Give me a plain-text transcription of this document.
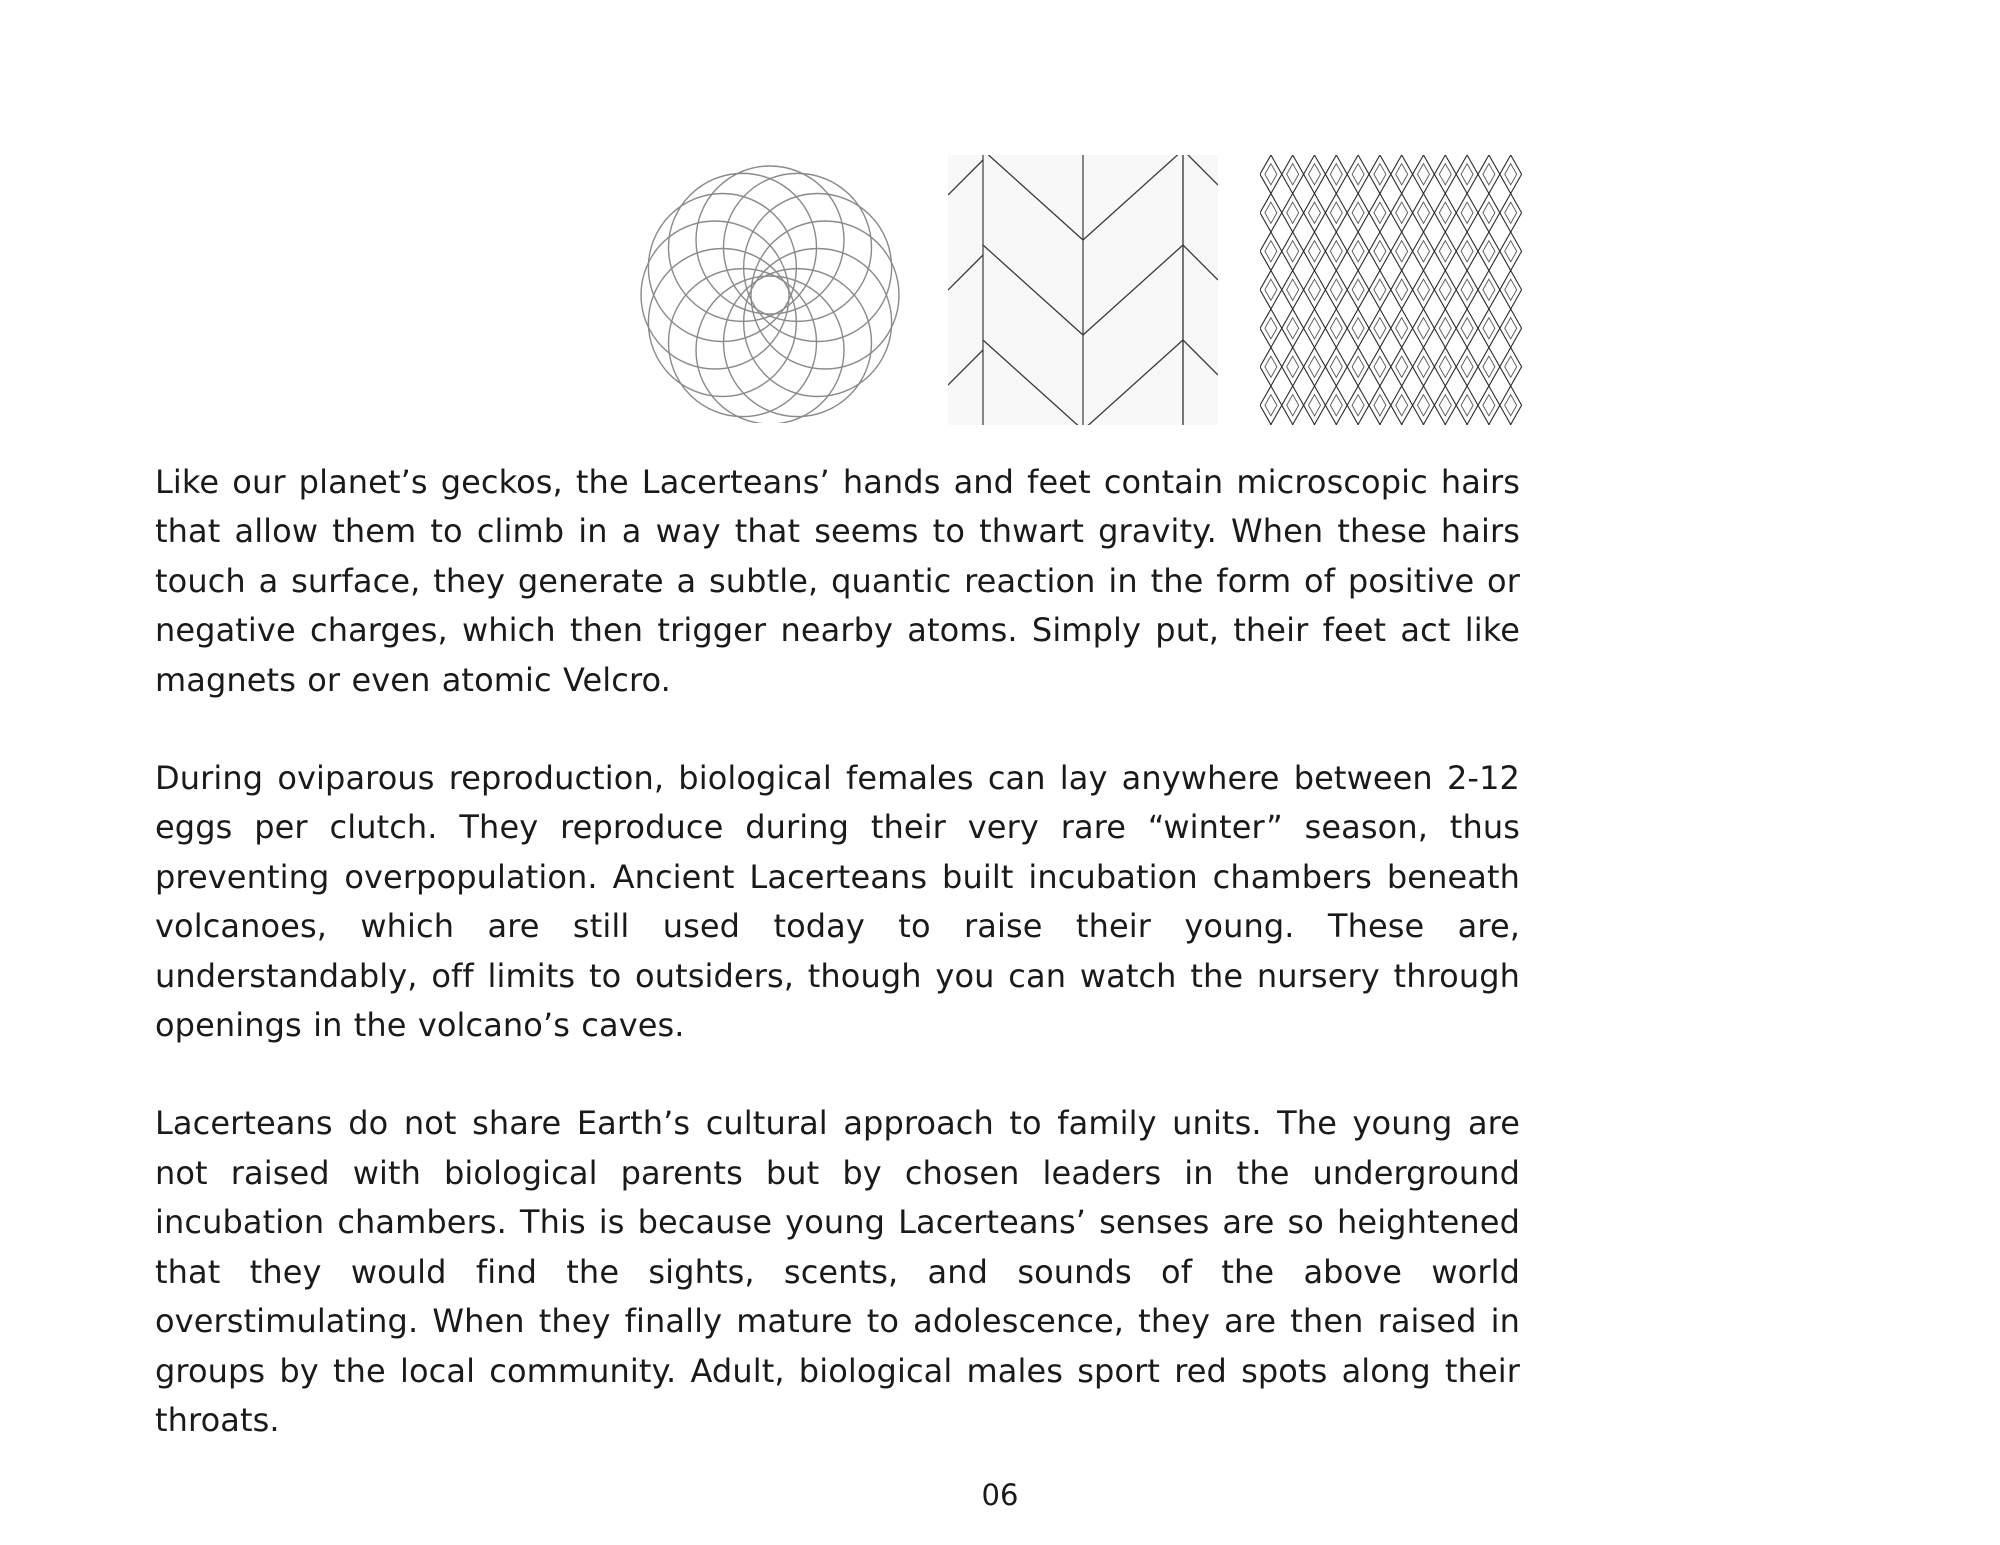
Like our planet’s geckos, the Lacerteans’ hands and feet contain microscopic hairs that allow them to climb in a way that seems to thwart gravity. When these hairs touch a surface, they generate a subtle, quantic reaction in the form of positive or negative charges, which then trigger nearby atoms. Simply put, their feet act like magnets or even atomic Velcro.

During oviparous reproduction, biological females can lay anywhere between 2-12 eggs per clutch. They reproduce during their very rare “winter” season, thus preventing overpopulation. Ancient Lacerteans built incubation chambers beneath volcanoes, which are still used today to raise their young. These are, understandably, off limits to outsiders, though you can watch the nursery through openings in the volcano’s caves.

Lacerteans do not share Earth’s cultural approach to family units. The young are not raised with biological parents but by chosen leaders in the underground incubation chambers. This is because young Lacerteans’ senses are so heightened that they would find the sights, scents, and sounds of the above world overstimulating. When they finally mature to adolescence, they are then raised in groups by the local community. Adult, biological males sport red spots along their throats.

06
